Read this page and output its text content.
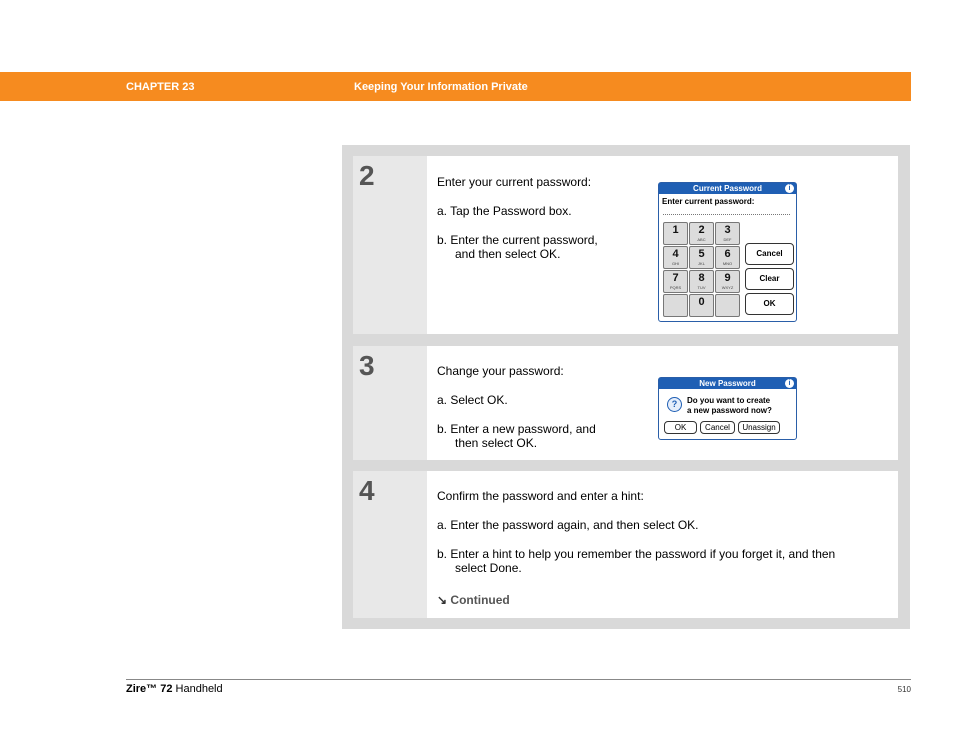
CHAPTER 23	Keeping Your Information Private
2	Enter your current password:
a. Tap the Password box.
b. Enter the current password,
and then select OK.
Current Password	i
Enter current password:
1	2
ABC
3
DEF
4
GHI
5
JKL
6
MNO
7
PQRS
8
TUV
9
WXYZ
0
Cancel
Clear
OK
3	Change your password:
a. Select OK.
b. Enter a new password, and
then select OK.
New Password	i
?	Do you want to create
a new password now?
OK	Cancel	Unassign
4	Confirm the password and enter a hint:
a. Enter the password again, and then select OK.
b. Enter a hint to help you remember the password if you forget it, and then
select Done.
↘ Continued
Zire™ 72 Handheld	510
